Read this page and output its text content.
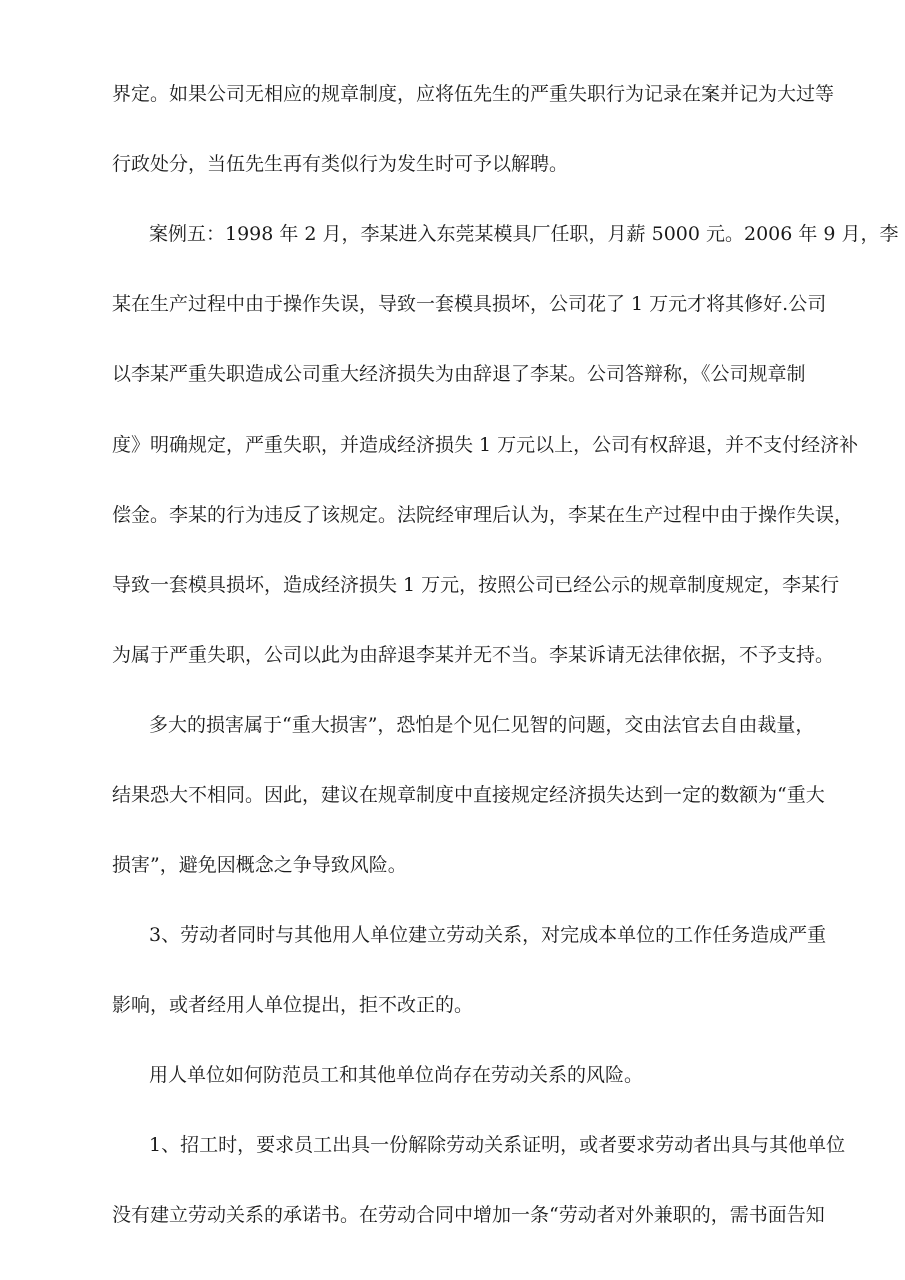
界定。如果公司无相应的规章制度，应将伍先生的严重失职行为记录在案并记为大过等
行政处分，当伍先生再有类似行为发生时可予以解聘。
案例五：1998 年 2 月，李某进入东莞某模具厂任职，月薪 5000 元。2006 年 9 月，李
某在生产过程中由于操作失误，导致一套模具损坏，公司花了 1 万元才将其修好.公司
以李某严重失职造成公司重大经济损失为由辞退了李某。公司答辩称，《公司规章制
度》明确规定，严重失职，并造成经济损失 1 万元以上，公司有权辞退，并不支付经济补
偿金。李某的行为违反了该规定。法院经审理后认为，李某在生产过程中由于操作失误，
导致一套模具损坏，造成经济损失 1 万元，按照公司已经公示的规章制度规定，李某行
为属于严重失职，公司以此为由辞退李某并无不当。李某诉请无法律依据，不予支持。
多大的损害属于“重大损害”，恐怕是个见仁见智的问题，交由法官去自由裁量，
结果恐大不相同。因此，建议在规章制度中直接规定经济损失达到一定的数额为“重大
损害”，避免因概念之争导致风险。
3、劳动者同时与其他用人单位建立劳动关系，对完成本单位的工作任务造成严重
影响，或者经用人单位提出，拒不改正的。
用人单位如何防范员工和其他单位尚存在劳动关系的风险。
1、招工时，要求员工出具一份解除劳动关系证明，或者要求劳动者出具与其他单位
没有建立劳动关系的承诺书。在劳动合同中增加一条“劳动者对外兼职的，需书面告知
